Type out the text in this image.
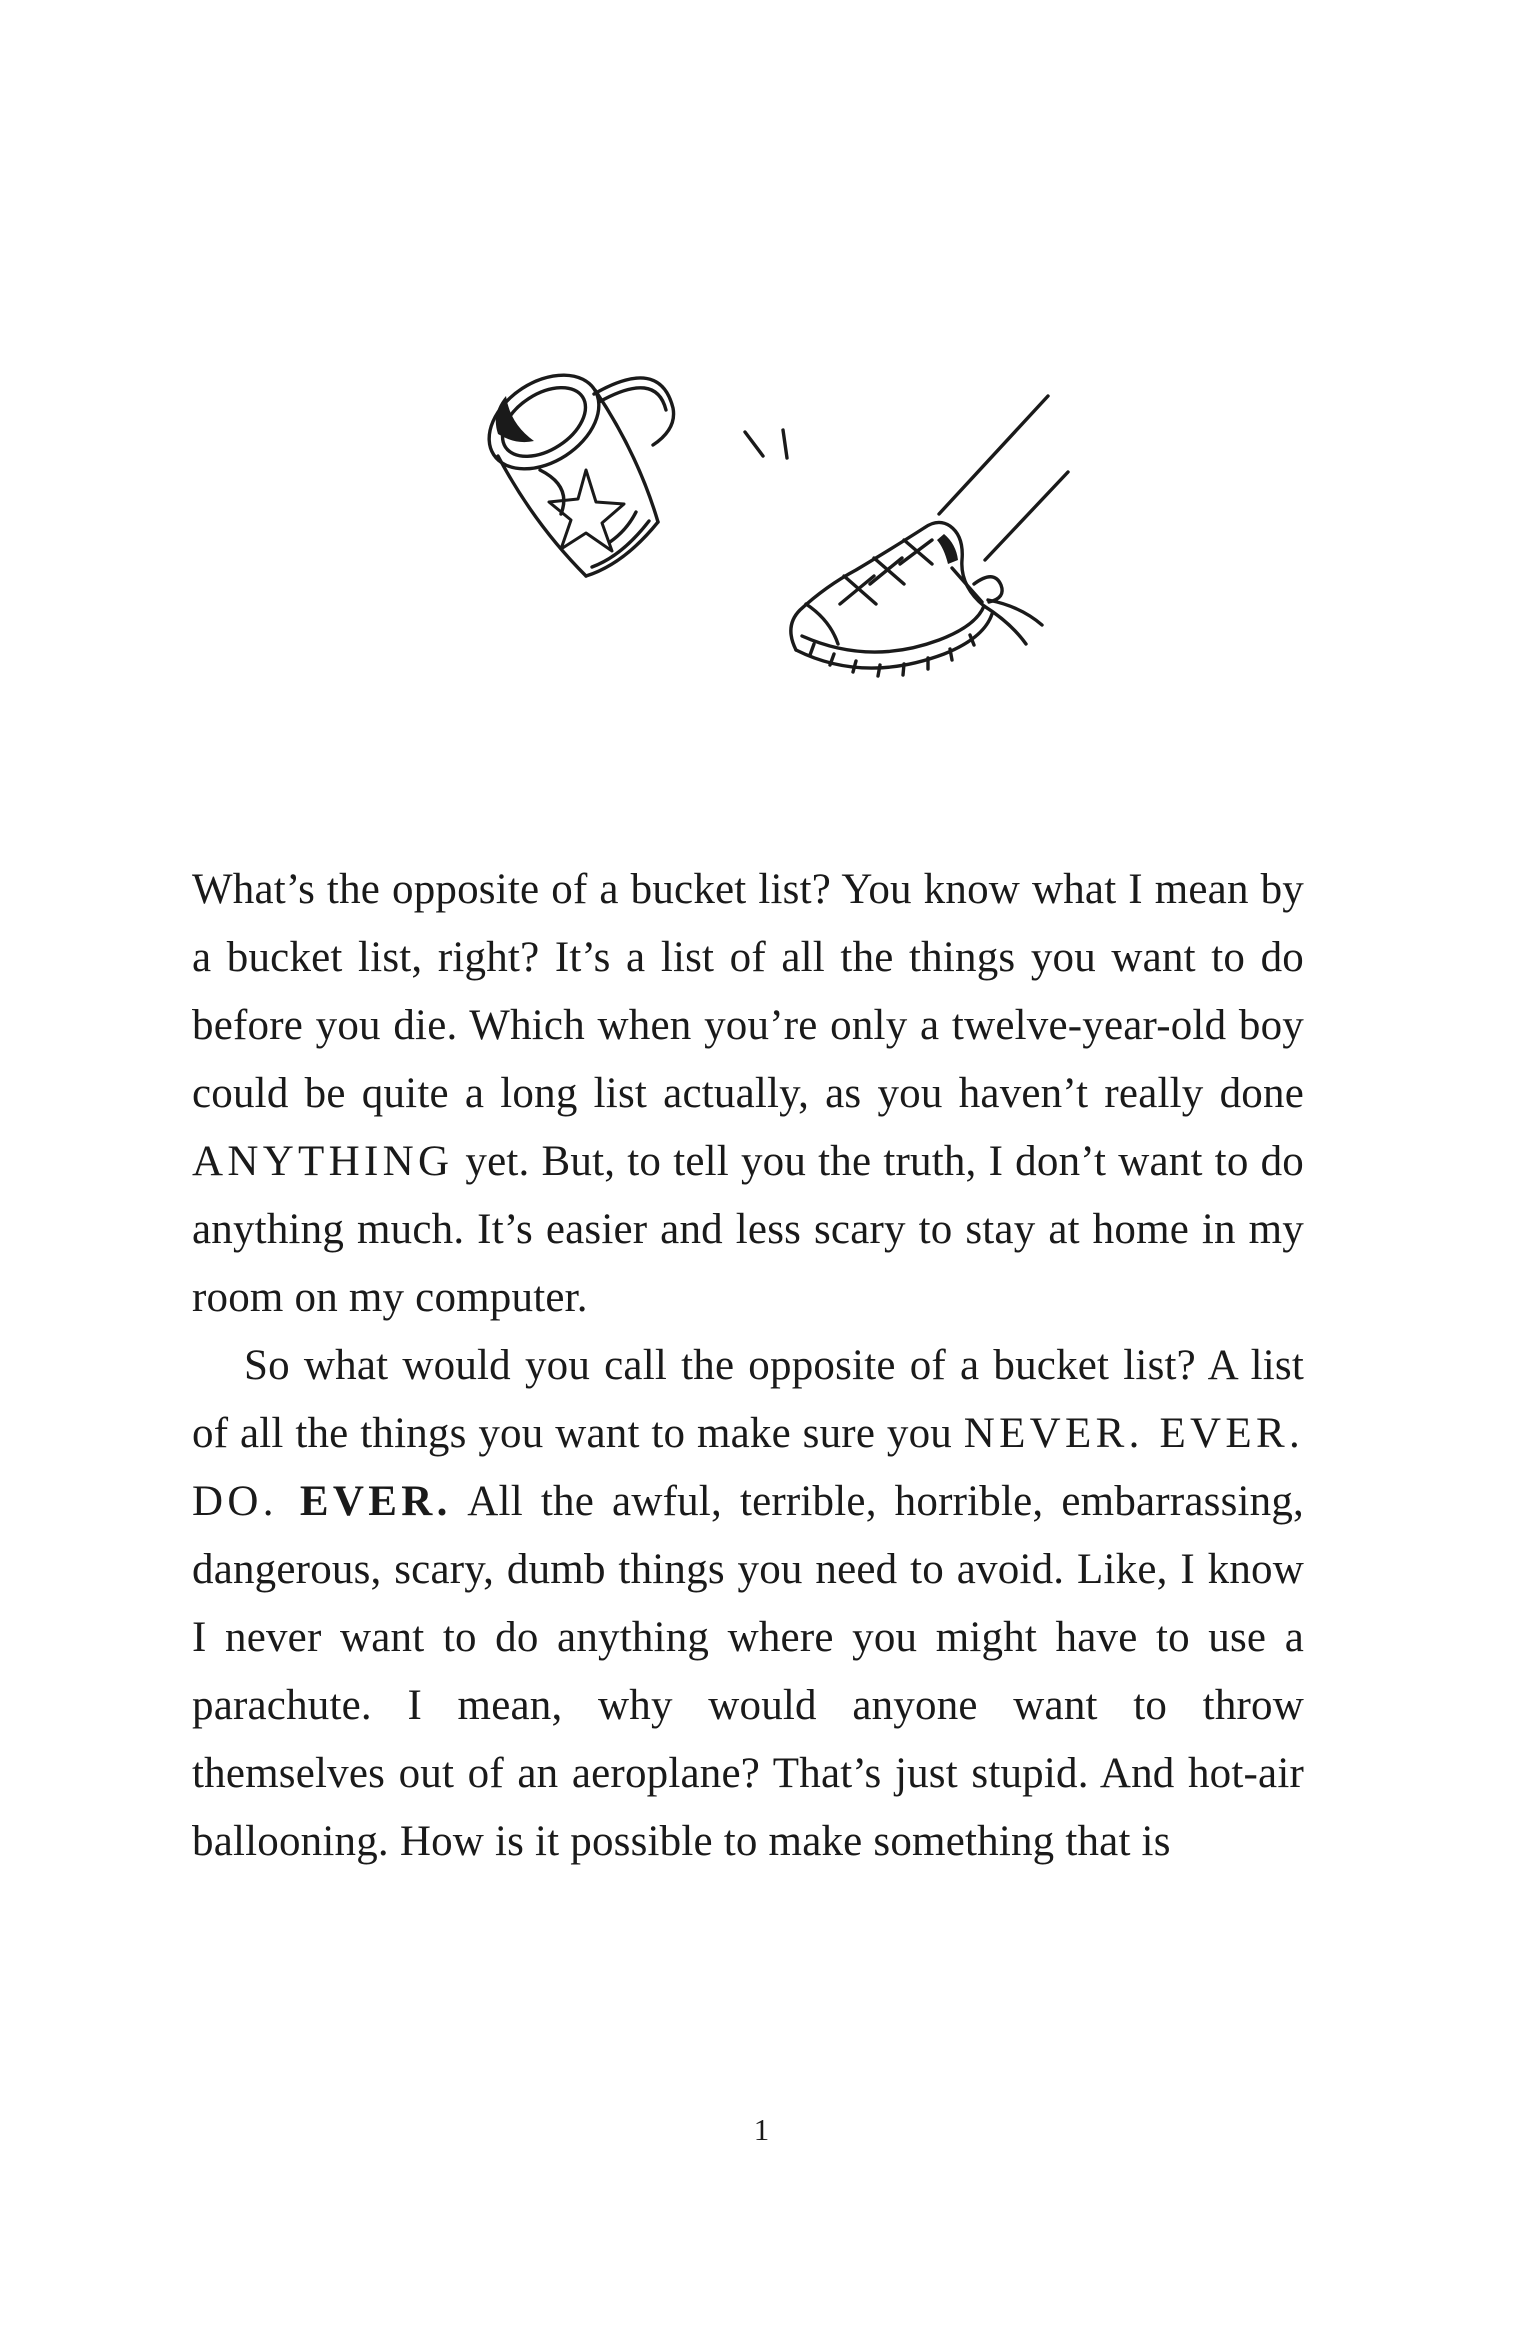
What’s the opposite of a bucket list? You know what I mean by a bucket list, right? It’s a list of all the things you want to do before you die. Which when you’re only a twelve-year-old boy could be quite a long list actually, as you haven’t really done ANYTHING yet. But, to tell you the truth, I don’t want to do anything much. It’s easier and less scary to stay at home in my room on my computer.

So what would you call the opposite of a bucket list? A list of all the things you want to make sure you NEVER. EVER. DO. EVER. All the awful, terrible, horrible, embarrassing, dangerous, scary, dumb things you need to avoid. Like, I know I never want to do anything where you might have to use a parachute. I mean, why would anyone want to throw themselves out of an aeroplane? That’s just stupid. And hot-air ballooning. How is it possible to make something that is

1
